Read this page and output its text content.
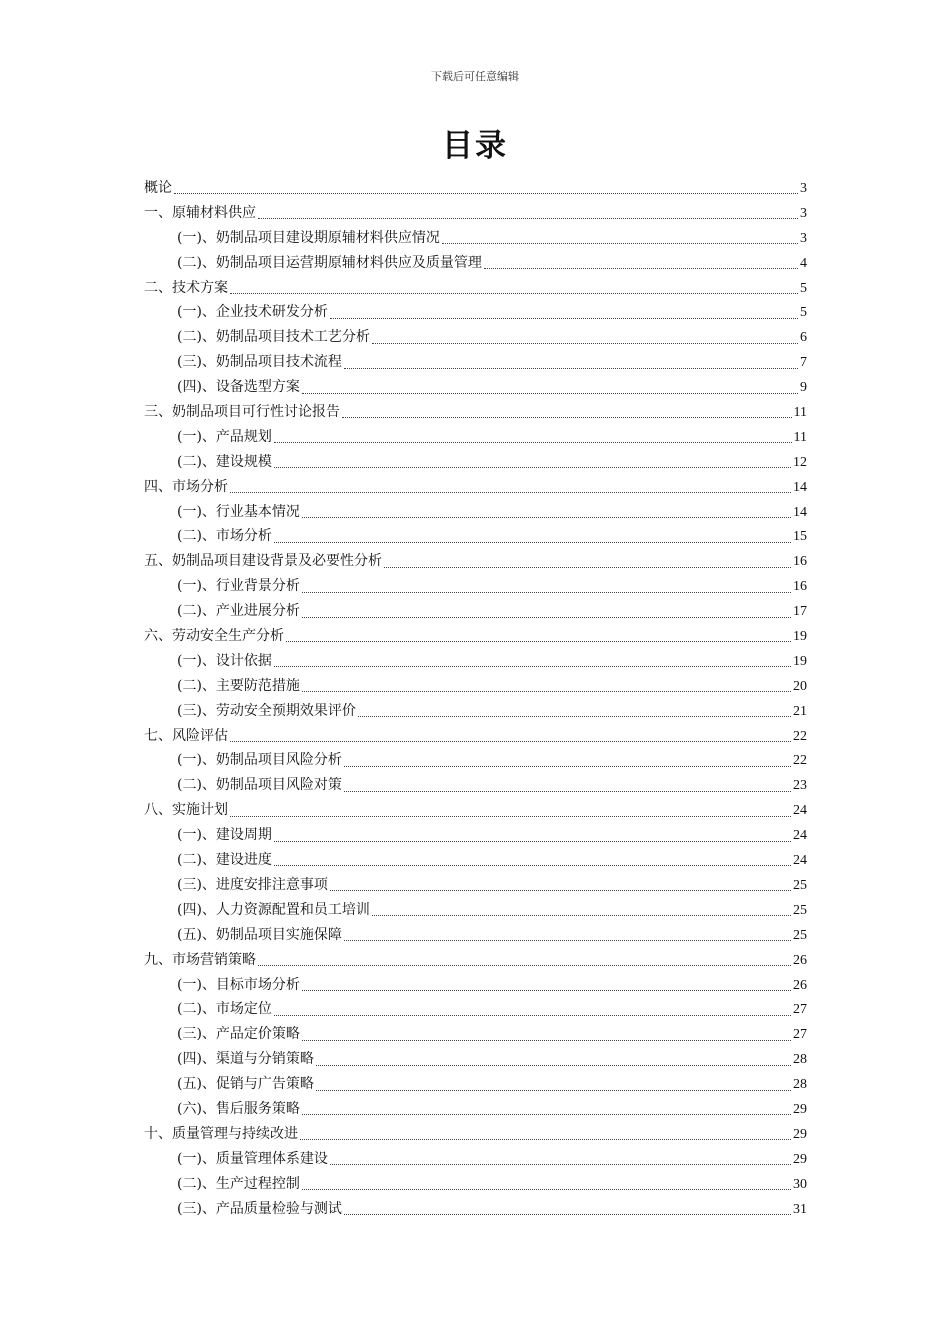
下载后可任意编辑
目录
概论	3
一、原辅材料供应	3
(一)、奶制品项目建设期原辅材料供应情况	3
(二)、奶制品项目运营期原辅材料供应及质量管理	4
二、技术方案	5
(一)、企业技术研发分析	5
(二)、奶制品项目技术工艺分析	6
(三)、奶制品项目技术流程	7
(四)、设备选型方案	9
三、奶制品项目可行性讨论报告	11
(一)、产品规划	11
(二)、建设规模	12
四、市场分析	14
(一)、行业基本情况	14
(二)、市场分析	15
五、奶制品项目建设背景及必要性分析	16
(一)、行业背景分析	16
(二)、产业进展分析	17
六、劳动安全生产分析	19
(一)、设计依据	19
(二)、主要防范措施	20
(三)、劳动安全预期效果评价	21
七、风险评估	22
(一)、奶制品项目风险分析	22
(二)、奶制品项目风险对策	23
八、实施计划	24
(一)、建设周期	24
(二)、建设进度	24
(三)、进度安排注意事项	25
(四)、人力资源配置和员工培训	25
(五)、奶制品项目实施保障	25
九、市场营销策略	26
(一)、目标市场分析	26
(二)、市场定位	27
(三)、产品定价策略	27
(四)、渠道与分销策略	28
(五)、促销与广告策略	28
(六)、售后服务策略	29
十、质量管理与持续改进	29
(一)、质量管理体系建设	29
(二)、生产过程控制	30
(三)、产品质量检验与测试	31
